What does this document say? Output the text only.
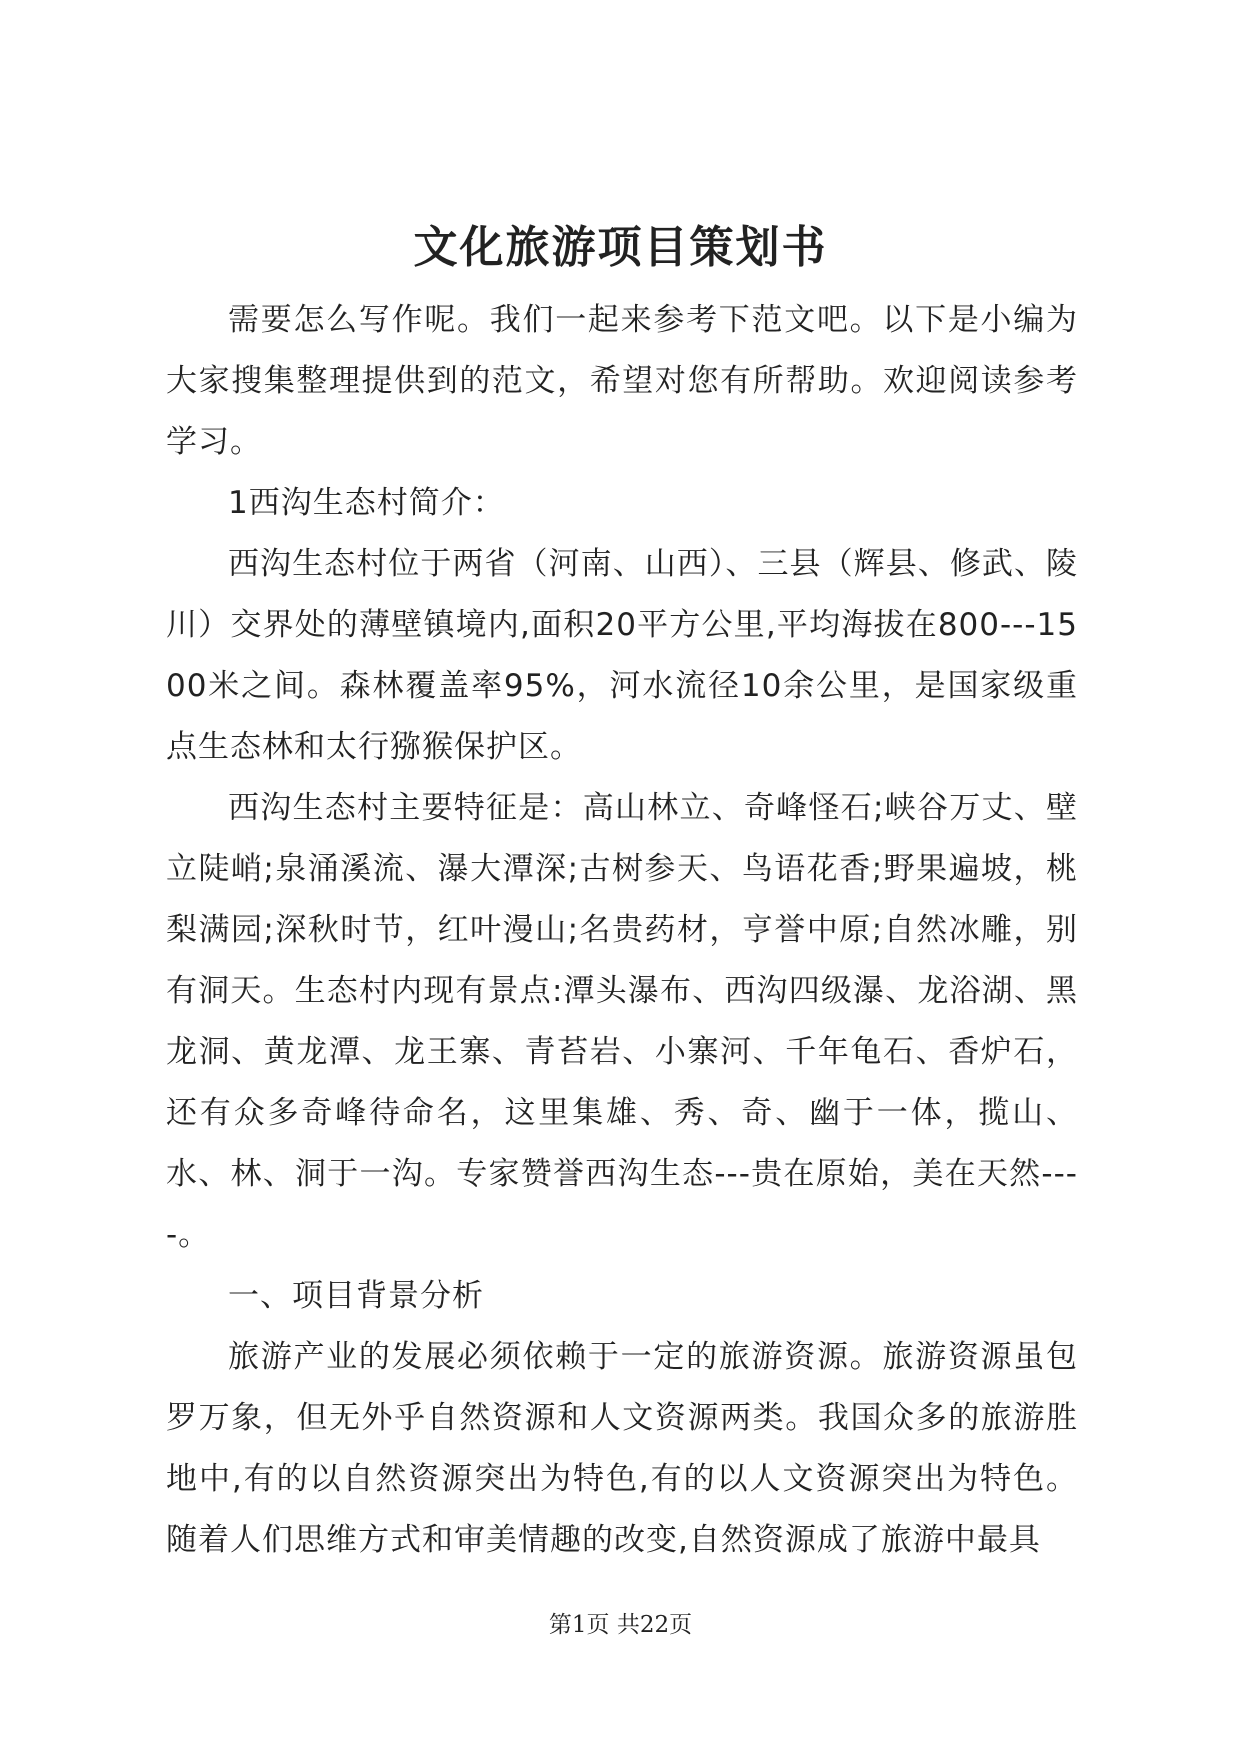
文化旅游项目策划书

需要怎么写作呢。我们一起来参考下范文吧。以下是小编为大家搜集整理提供到的范文，希望对您有所帮助。欢迎阅读参考学习。

1西沟生态村简介：

西沟生态村位于两省（河南、山西）、三县（辉县、修武、陵川）交界处的薄壁镇境内,面积20平方公里,平均海拔在800---1500米之间。森林覆盖率95%，河水流径10余公里，是国家级重点生态林和太行猕猴保护区。

西沟生态村主要特征是：高山林立、奇峰怪石;峡谷万丈、壁立陡峭;泉涌溪流、瀑大潭深;古树参天、鸟语花香;野果遍坡，桃梨满园;深秋时节，红叶漫山;名贵药材，亨誉中原;自然冰雕，别有洞天。生态村内现有景点:潭头瀑布、西沟四级瀑、龙浴湖、黑龙洞、黄龙潭、龙王寨、青苔岩、小寨河、千年龟石、香炉石，还有众多奇峰待命名，这里集雄、秀、奇、幽于一体，揽山、水、林、洞于一沟。专家赞誉西沟生态---贵在原始，美在天然----。

一、项目背景分析

旅游产业的发展必须依赖于一定的旅游资源。旅游资源虽包罗万象，但无外乎自然资源和人文资源两类。我国众多的旅游胜地中,有的以自然资源突出为特色,有的以人文资源突出为特色。随着人们思维方式和审美情趣的改变,自然资源成了旅游中最具

第1页 共22页
